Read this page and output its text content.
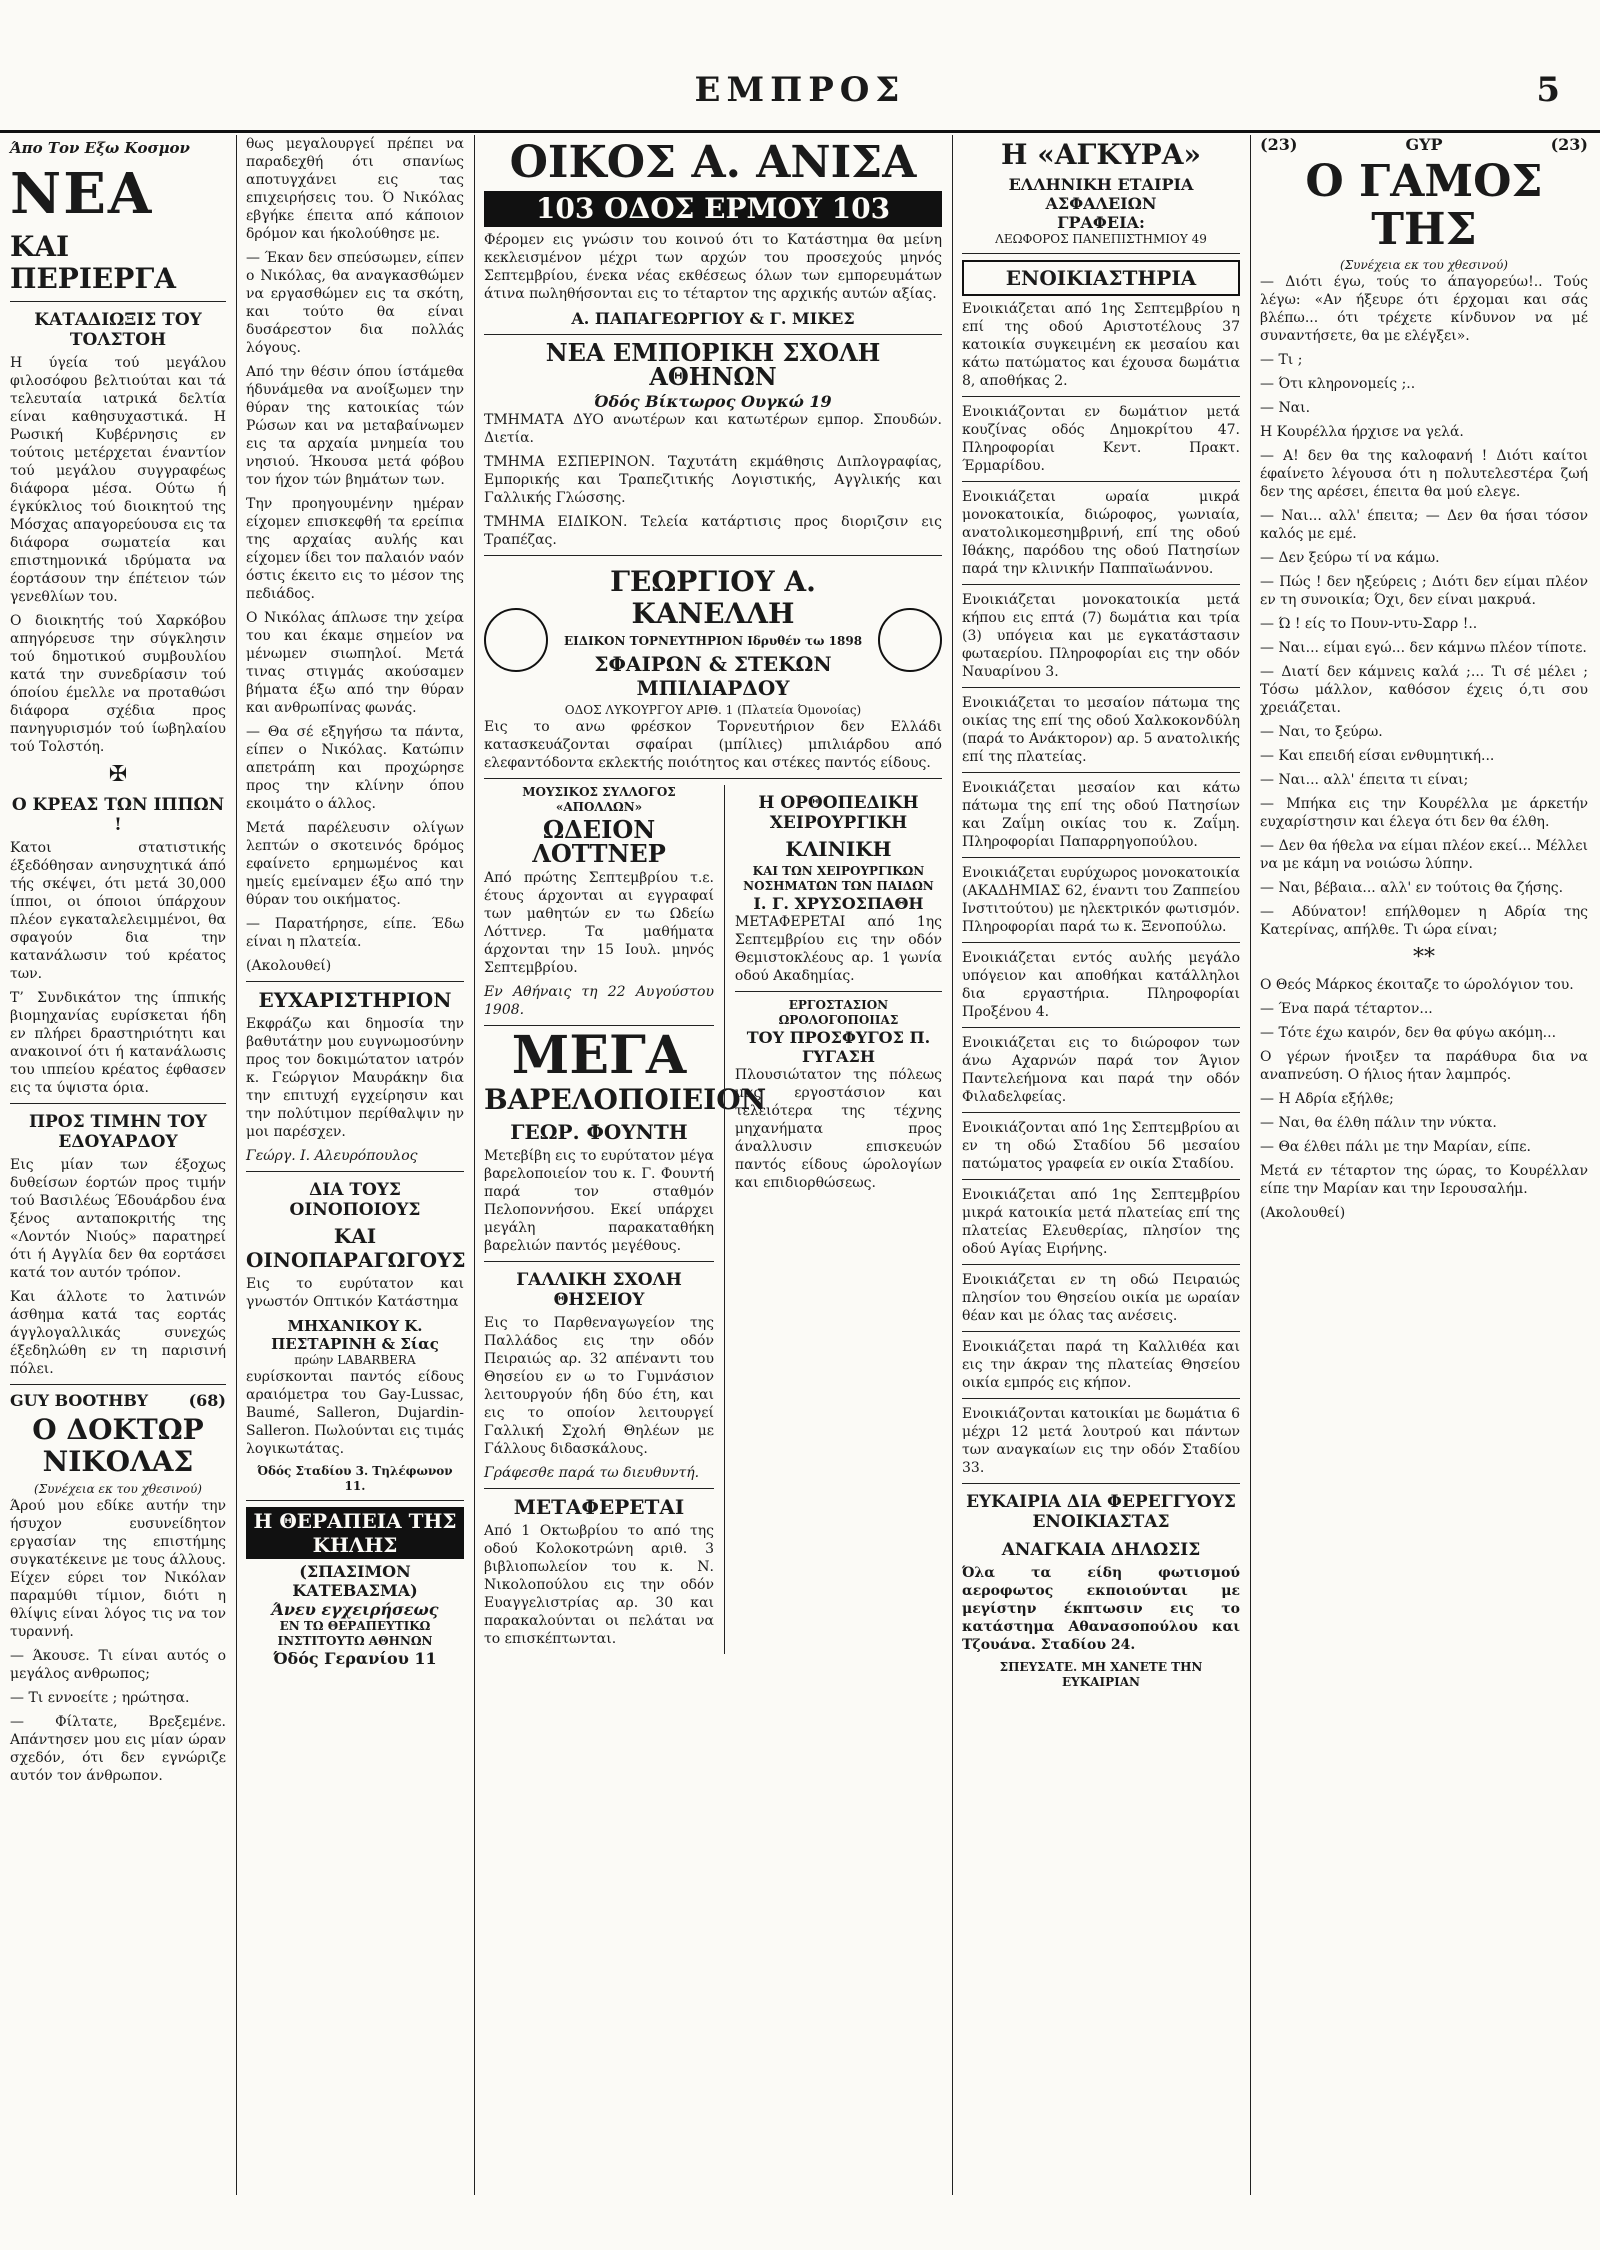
ΕΜΠΡΟΣ	5
Άπο Τον Εξω Κοσμον
ΝΕΑ
ΚΑΙ ΠΕΡΙΕΡΓΑ
ΚΑΤΑΔΙΩΞΙΣ ΤΟΥ ΤΟΛΣΤΟΗ

Η ύγεία τού μεγάλου φιλοσόφου βελτιούται και τά τελευταία ιατρικά δελτία είναι καθησυχαστικά. Η Ρωσική Κυβέρνησις εν τούτοις μετέρχεται έναντίον τού μεγάλου συγγραφέως διάφορα μέσα. Ούτω ή έγκύκλιος τού διοικητού της Μόσχας απαγορεύουσα εις τα διάφορα σωματεία και επιστημονικά ιδρύματα να έορτάσουν την έπέτειον τών γενεθλίων του.

Ο διοικητής τού Χαρκόβου απηγόρευσε την σύγκλησιν τού δημοτικού συμβουλίου κατά την συνεδρίασιν τού όποίου έμελλε να προταθώσι διάφορα σχέδια προς πανηγυρισμόν τού ίωβηλαίου τού Τολστόη.

✠
Ο ΚΡΕΑΣ ΤΩΝ ΙΠΠΩΝ !

Κατοι στατιστικής έξεδόθησαν ανησυχητικά άπό τής σκέψει, ότι μετά 30,000 ίπποι, οι όποιοι ύπάρχουν πλέον εγκαταλελειμμένοι, θα σφαγούν δια την κατανάλωσιν τού κρέατος των.

Τ’ Συνδικάτον της ίππικής βιομηχανίας ευρίσκεται ήδη εν πλήρει δραστηριότητι και ανακοινοί ότι ή κατανάλωσις του ιππείου κρέατος έφθασεν εις τα ύψιστα όρια.

ΠΡΟΣ ΤΙΜΗΝ ΤΟΥ ΕΔΟΥΑΡΔΟΥ

Εις μίαν των έξοχως δυθείσων έορτών προς τιμήν τού Βασιλέως Έδουάρδου ένα ξένος ανταποκριτής της «Λοντόν Νιούς» παρατηρεί ότι ή Αγγλία δεν θα εορτάσει κατά τον αυτόν τρόπον.

Και άλλοτε το λατινών άσθημα κατά τας εορτάς άγγλογαλλικάς συνεχώς έξεδηλώθη εν τη παρισινή πόλει.

GUY BOOTHBY	(68)
Ο ΔΟΚΤΩΡ ΝΙΚΟΛΑΣ
(Συνέχεια εκ του χθεσινού)

Άρού μου εδίκε αυτήν την ήσυχον ευσυνείδητον εργασίαν της επιστήμης συγκατέκεινε με τους άλλους. Είχεν εύρει τον Νικόλαν παραμύθι τίμιον, διότι η θλίψις είναι λόγος τις να τον τυραννή.

— Άκουσε. Τι είναι αυτός ο μεγάλος ανθρωπος;

— Τι εννοείτε ; ηρώτησα.

— Φίλτατε, Βρεξεμένε. Απάντησεν μου εις μίαν ώραν σχεδόν, ότι δεν εγνώριζε αυτόν τον άνθρωπον.

θως μεγαλουργεί πρέπει να παραδεχθή ότι σπανίως αποτυγχάνει εις τας επιχειρήσεις του. Ό Νικόλας εβγήκε έπειτα από κάποιον δρόμον και ήκολούθησε με.

— Έκαν δεν σπεύσωμεν, είπεν ο Νικόλας, θα αναγκασθώμεν να εργασθώμεν εις τα σκότη, και τούτο θα είναι δυσάρεστον δια πολλάς λόγους.

Από την θέσιν όπου ίστάμεθα ήδυνάμεθα να ανοίξωμεν την θύραν της κατοικίας τών Ρώσων και να μεταβαίνωμεν εις τα αρχαία μνημεία του νησιού. Ήκουσα μετά φόβου τον ήχον τών βημάτων των.

Την προηγουμένην ημέραν είχομεν επισκεφθή τα ερείπια της αρχαίας αυλής και είχομεν ίδει τον παλαιόν ναόν όστις έκειτο εις το μέσον της πεδιάδος.

Ο Νικόλας άπλωσε την χείρα του και έκαμε σημείον να μένωμεν σιωπηλοί. Μετά τινας στιγμάς ακούσαμεν βήματα έξω από την θύραν και ανθρωπίνας φωνάς.

— Θα σέ εξηγήσω τα πάντα, είπεν ο Νικόλας. Κατώπιν απετράπη και προχώρησε προς την κλίνην όπου εκοιμάτο ο άλλος.

Μετά παρέλευσιν ολίγων λεπτών ο σκοτεινός δρόμος εφαίνετο ερημωμένος και ημείς εμείναμεν έξω από την θύραν του οικήματος.

— Παρατήρησε, είπε. Έδω είναι η πλατεία.

(Ακολουθεί)

ΕΥΧΑΡΙΣΤΗΡΙΟΝ

Εκφράζω και δημοσία την βαθυτάτην μου ευγνωμοσύνην προς τον δοκιμώτατον ιατρόν κ. Γεώργιον Μαυράκην δια την επιτυχή εγχείρησιν και την πολύτιμον περίθαλψιν ην μοι παρέσχεν.

Γεώργ. Ι. Αλευρόπουλος

ΔΙΑ ΤΟΥΣ ΟΙΝΟΠΟΙΟΥΣ
ΚΑΙ ΟΙΝΟΠΑΡΑΓΩΓΟΥΣ

Εις το ευρύτατον και γνωστόν Οπτικόν Κατάστημα

ΜΗΧΑΝΙΚΟΥ Κ. ΠΕΣΤΑΡΙΝΗ & Σίας
πρώην LABARBERA

ευρίσκονται παντός είδους αραιόμετρα του Gay-Lussac, Baumé, Salleron, Dujardin-Salleron. Πωλούνται εις τιμάς λογικωτάτας.

Όδός Σταδίου 3. Τηλέφωνον 11.
Η ΘΕΡΑΠΕΙΑ ΤΗΣ ΚΗΛΗΣ
(ΣΠΑΣΙΜΟΝ ΚΑΤΕΒΑΣΜΑ)
Άνευ εγχειρήσεως
ΕΝ ΤΩ ΘΕΡΑΠΕΥΤΙΚΩ ΙΝΣΤΙΤΟΥΤΩ ΑΘΗΝΩΝ
Όδός Γερανίου 11
ΟΙΚΟΣ Α. ΑΝΙΣΑ
103 ΟΔΟΣ ΕΡΜΟΥ 103

Φέρομεν εις γνώσιν του κοινού ότι το Κατάστημα θα μείνη κεκλεισμένον μέχρι των αρχών του προσεχούς μηνός Σεπτεμβρίου, ένεκα νέας εκθέσεως όλων των εμπορευμάτων άτινα πωληθήσονται εις το τέταρτον της αρχικής αυτών αξίας.

Α. ΠΑΠΑΓΕΩΡΓΙΟΥ & Γ. ΜΙΚΕΣ
ΝΕΑ ΕΜΠΟΡΙΚΗ ΣΧΟΛΗ ΑΘΗΝΩΝ
Όδός Βίκτωρος Ουγκώ 19

ΤΜΗΜΑΤΑ ΔΥΟ ανωτέρων και κατωτέρων εμπορ. Σπουδών. Διετία.

ΤΜΗΜΑ ΕΣΠΕΡΙΝΟΝ. Ταχυτάτη εκμάθησις Διπλογραφίας, Εμπορικής και Τραπεζιτικής Λογιστικής, Αγγλικής και Γαλλικής Γλώσσης.

ΤΜΗΜΑ ΕΙΔΙΚΟΝ. Τελεία κατάρτισις προς διοριζσιν εις Τραπέζας.

ΓΕΩΡΓΙΟΥ Α. ΚΑΝΕΛΛΗ
ΕΙΔΙΚΟΝ ΤΟΡΝΕΥΤΗΡΙΟΝ Ιδρυθέν τω 1898
ΣΦΑΙΡΩΝ & ΣΤΕΚΩΝ ΜΠΙΛΙΑΡΔΟΥ
ΟΔΟΣ ΛΥΚΟΥΡΓΟΥ ΑΡΙΘ. 1 (Πλατεία Όμονοίας)

Εις το ανω φρέσκον Τορνευτήριον δεν Ελλάδι κατασκευάζονται σφαίραι (μπίλιες) μπιλιάρδου από ελεφαντόδοντα εκλεκτής ποιότητος και στέκες παντός είδους.

ΜΟΥΣΙΚΟΣ ΣΥΛΛΟΓΟΣ «ΑΠΟΛΛΩΝ»
ΩΔΕΙΟΝ ΛΟΤΤΝΕΡ

Από πρώτης Σεπτεμβρίου τ.ε. έτους άρχονται αι εγγραφαί των μαθητών εν τω Ωδείω Λόττνερ. Τα μαθήματα άρχονται την 15 Ιουλ. μηνός Σεπτεμβρίου.

Εν Αθήναις τη 22 Αυγούστου 1908.

ΜΕΓΑ
ΒΑΡΕΛΟΠΟΙΕΙΟΝ
ΓΕΩΡ. ΦΟΥΝΤΗ

Μετεβίβη εις το ευρύτατον μέγα βαρελοποιείον του κ. Γ. Φουντή παρά τον σταθμόν Πελοποννήσου. Εκεί υπάρχει μεγάλη παρακαταθήκη βαρελιών παντός μεγέθους.

ΓΑΛΛΙΚΗ ΣΧΟΛΗ ΘΗΣΕΙΟΥ

Εις το Παρθεναγωγείον της Παλλάδος εις την οδόν Πειραιώς αρ. 32 απέναντι του Θησείου εν ω το Γυμνάσιον λειτουργούν ήδη δύο έτη, και εις το οποίον λειτουργεί Γαλλική Σχολή Θηλέων με Γάλλους διδασκάλους.

Γράφεσθε παρά τω διευθυντή.

ΜΕΤΑΦΕΡΕΤΑΙ

Από 1 Οκτωβρίου το από της οδού Κολοκοτρώνη αριθ. 3 βιβλιοπωλείον του κ. Ν. Νικολοπούλου εις την οδόν Ευαγγελιστρίας αρ. 30 και παρακαλούνται οι πελάται να το επισκέπτωνται.

Η ΟΡΘΟΠΕΔΙΚΗ ΧΕΙΡΟΥΡΓΙΚΗ
ΚΛΙΝΙΚΗ
ΚΑΙ ΤΩΝ ΧΕΙΡΟΥΡΓΙΚΩΝ ΝΟΣΗΜΑΤΩΝ ΤΩΝ ΠΑΙΔΩΝ
Ι. Γ. ΧΡΥΣΟΣΠΑΘΗ

ΜΕΤΑΦΕΡΕΤΑΙ από 1ης Σεπτεμβρίου εις την οδόν Θεμιστοκλέους αρ. 1 γωνία οδού Ακαδημίας.

ΕΡΓΟΣΤΑΣΙΟΝ ΩΡΟΛΟΓΟΠΟΙΙΑΣ
ΤΟΥ ΠΡΟΣΦΥΓΟΣ Π. ΓΥΓΑΣΗ

Πλουσιώτατον της πόλεως μας εργοστάσιον και τελειότερα της τέχνης μηχανήματα προς άναλλυσιν επισκευών παντός είδους ώρολογίων και επιδιορθώσεως.

Η «ΑΓΚΥΡΑ»
ΕΛΛΗΝΙΚΗ ΕΤΑΙΡΙΑ ΑΣΦΑΛΕΙΩΝ
ΓΡΑΦΕΙΑ:
ΛΕΩΦΟΡΟΣ ΠΑΝΕΠΙΣΤΗΜΙΟΥ 49
ΕΝΟΙΚΙΑΣΤΗΡΙΑ

Ενοικιάζεται από 1ης Σεπτεμβρίου η επί της οδού Αριστοτέλους 37 κατοικία συγκειμένη εκ μεσαίου και κάτω πατώματος και έχουσα δωμάτια 8, αποθήκας 2.

Ενοικιάζονται εν δωμάτιον μετά κουζίνας οδός Δημοκρίτου 47. Πληροφορίαι Κεντ. Πρακτ. Έρμαρίδου.

Ενοικιάζεται ωραία μικρά μονοκατοικία, διώροφος, γωνιαία, ανατολικομεσημβρινή, επί της οδού Ιθάκης, παρόδου της οδού Πατησίων παρά την κλινικήν Παππαϊωάννου.

Ενοικιάζεται μονοκατοικία μετά κήπου εις επτά (7) δωμάτια και τρία (3) υπόγεια και με εγκατάστασιν φωταερίου. Πληροφορίαι εις την οδόν Ναυαρίνου 3.

Ενοικιάζεται το μεσαίον πάτωμα της οικίας της επί της οδού Χαλκοκονδύλη (παρά το Ανάκτορον) αρ. 5 ανατολικής επί της πλατείας.

Ενοικιάζεται μεσαίον και κάτω πάτωμα της επί της οδού Πατησίων και Ζαΐμη οικίας του κ. Ζαΐμη. Πληροφορίαι Παπαρρηγοπούλου.

Ενοικιάζεται ευρύχωρος μονοκατοικία (ΑΚΑΔΗΜΙΑΣ 62, έναντι του Ζαππείου Ινστιτούτου) με ηλεκτρικόν φωτισμόν. Πληροφορίαι παρά τω κ. Ξενοπούλω.

Ενοικιάζεται εντός αυλής μεγάλο υπόγειον και αποθήκαι κατάλληλοι δια εργαστήρια. Πληροφορίαι Προξένου 4.

Ενοικιάζεται εις το διώροφον των άνω Αχαρνών παρά τον Άγιον Παντελεήμονα και παρά την οδόν Φιλαδελφείας.

Ενοικιάζονται από 1ης Σεπτεμβρίου αι εν τη οδώ Σταδίου 56 μεσαίου πατώματος γραφεία εν οικία Σταδίου.

Ενοικιάζεται από 1ης Σεπτεμβρίου μικρά κατοικία μετά πλατείας επί της πλατείας Ελευθερίας, πλησίον της οδού Αγίας Ειρήνης.

Ενοικιάζεται εν τη οδώ Πειραιώς πλησίον του Θησείου οικία με ωραίαν θέαν και με όλας τας ανέσεις.

Ενοικιάζεται παρά τη Καλλιθέα και εις την άκραν της πλατείας Θησείου οικία εμπρός εις κήπον.

Ενοικιάζονται κατοικίαι με δωμάτια 6 μέχρι 12 μετά λουτρού και πάντων των αναγκαίων εις την οδόν Σταδίου 33.

ΕΥΚΑΙΡΙΑ ΔΙΑ ΦΕΡΕΓΓΥΟΥΣ ΕΝΟΙΚΙΑΣΤΑΣ
ΑΝΑΓΚΑΙΑ ΔΗΛΩΣΙΣ

Όλα τα είδη φωτισμού αεροφωτος εκποιούνται με μεγίστην έκπτωσιν εις το κατάστημα Αθανασοπούλου και Τζουάνα. Σταδίου 24.

ΣΠΕΥΣΑΤΕ. ΜΗ ΧΑΝΕΤΕ ΤΗΝ ΕΥΚΑΙΡΙΑΝ
(23)	GYP	(23)
Ο ΓΑΜΟΣ ΤΗΣ
(Συνέχεια εκ του χθεσινού)

— Διότι έγω, τούς το άπαγορεύω!.. Τούς λέγω: «Αν ήξευρε ότι έρχομαι και σάς βλέπω... ότι τρέχετε κίνδυνον να μέ συναντήσετε, θα με ελέγξει».

— Τι ;

— Ότι κληρονομείς ;..

— Ναι.

Η Κουρέλλα ήρχισε να γελά.

— Α! δεν θα της καλοφανή ! Διότι καίτοι έφαίνετο λέγουσα ότι η πολυτελεστέρα ζωή δεν της αρέσει, έπειτα θα μού ελεγε.

— Ναι... αλλ' έπειτα; — Δεν θα ήσαι τόσον καλός με εμέ.

— Δεν ξεύρω τί να κάμω.

— Πώς ! δεν ηξεύρεις ; Διότι δεν είμαι πλέον εν τη συνοικία; Όχι, δεν είναι μακρυά.

— Ώ ! είς το Πουν-ντυ-Σαρρ !..

— Ναι... είμαι εγώ... δεν κάμνω πλέον τίποτε.

— Διατί δεν κάμνεις καλά ;... Τι σέ μέλει ; Τόσω μάλλον, καθόσον έχεις ό,τι σου χρειάζεται.

— Ναι, το ξεύρω.

— Και επειδή είσαι ενθυμητική...

— Ναι... αλλ' έπειτα τι είναι;

— Μπήκα εις την Κουρέλλα με άρκετήν ευχαρίστησιν και έλεγα ότι δεν θα έλθη.

— Δεν θα ήθελα να είμαι πλέον εκεί... Μέλλει να με κάμη να νοιώσω λύπην.

— Ναι, βέβαια... αλλ' εν τούτοις θα ζήσης.

— Αδύνατον! επήλθομεν η Αδρία της Κατερίνας, απήλθε. Τι ώρα είναι;

**

Ο Θεός Μάρκος έκοιταζε το ώρολόγιον του.

— Ένα παρά τέταρτον...

— Τότε έχω καιρόν, δεν θα φύγω ακόμη...

Ο γέρων ήνοιξεν τα παράθυρα δια να αναπνεύση. Ο ήλιος ήταν λαμπρός.

— Η Αδρία εξήλθε;

— Ναι, θα έλθη πάλιν την νύκτα.

— Θα έλθει πάλι με την Μαρίαν, είπε.

Μετά εν τέταρτον της ώρας, το Κουρέλλαν είπε την Μαρίαν και την Ιερουσαλήμ.

(Ακολουθεί)
